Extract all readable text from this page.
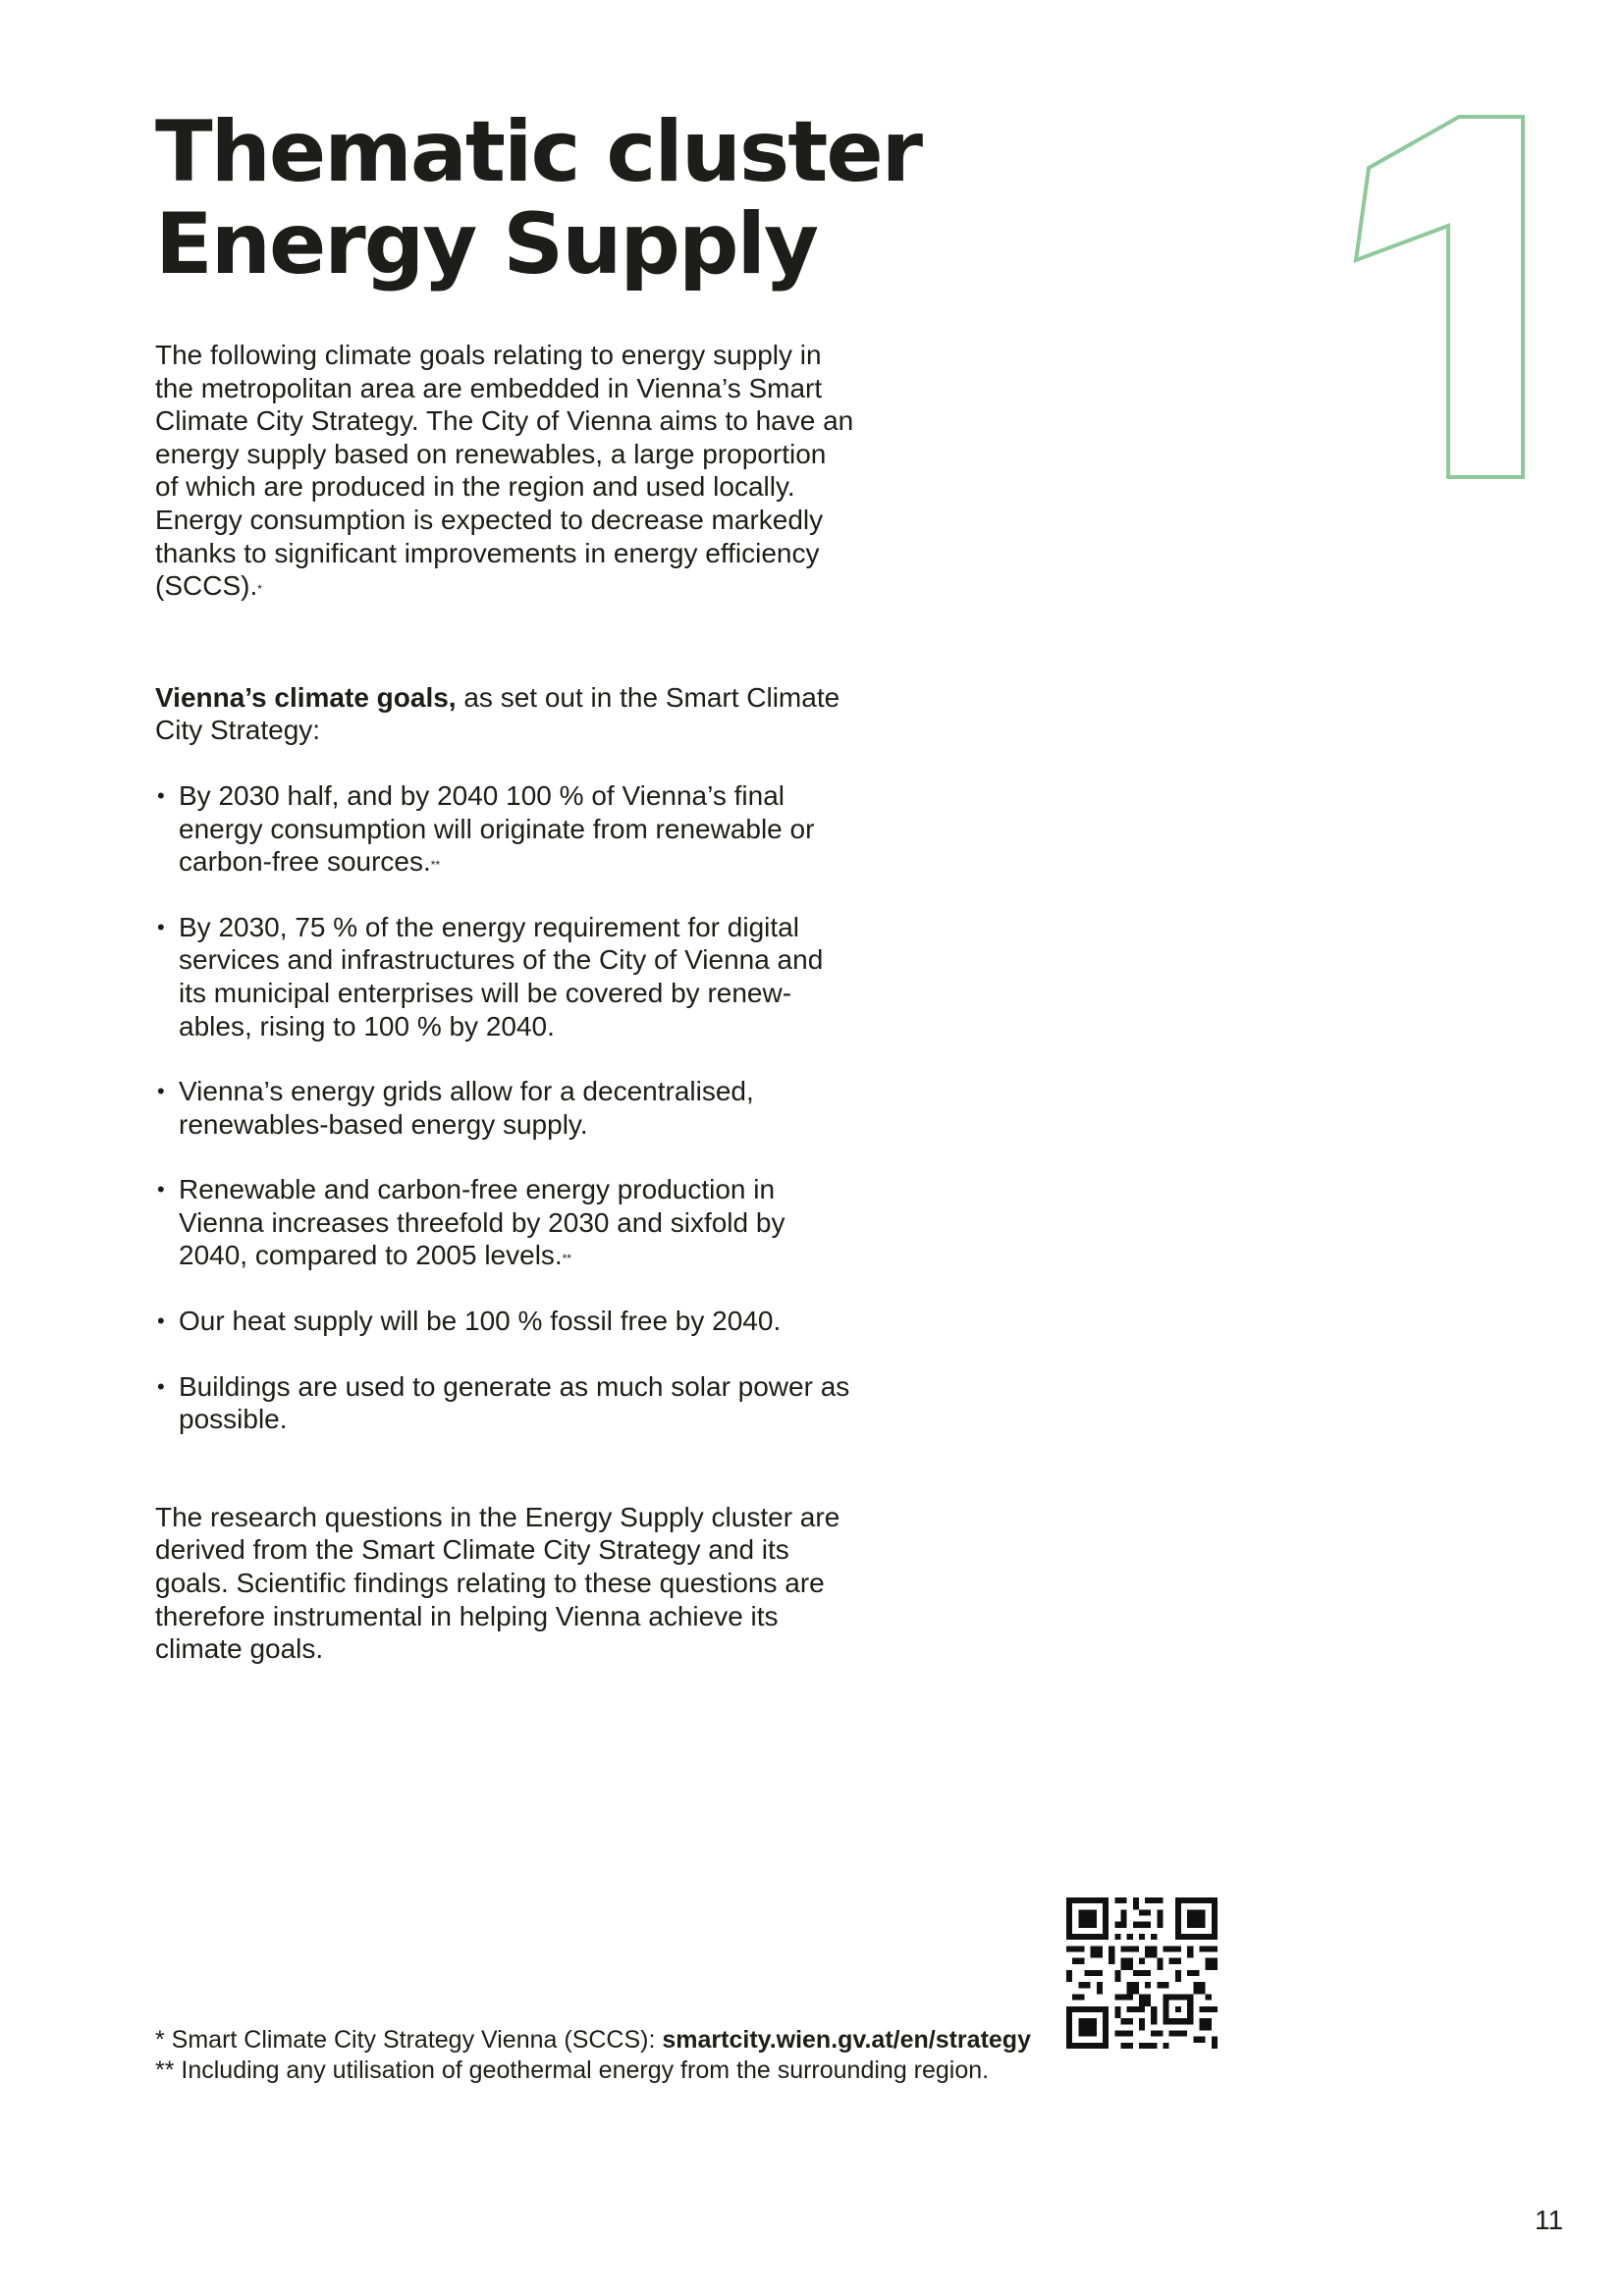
Thematic cluster
Energy Supply

The following climate goals relating to energy supply in the metropolitan area are embedded in Vienna’s Smart Climate City Strategy. The City of Vienna aims to have an energy supply based on renewables, a large proportion of which are produced in the region and used locally. Energy consumption is expected to decrease markedly thanks to significant improvements in energy efficiency (SCCS).*

Vienna’s climate goals, as set out in the Smart Climate City Strategy:

• By 2030 half, and by 2040 100 % of Vienna’s final energy consumption will originate from renewable or carbon-free sources.**
• By 2030, 75 % of the energy requirement for digital services and infrastructures of the City of Vienna and its municipal enterprises will be covered by renewables, rising to 100 % by 2040.
• Vienna’s energy grids allow for a decentralised, renewables-based energy supply.
• Renewable and carbon-free energy production in Vienna increases threefold by 2030 and sixfold by 2040, compared to 2005 levels.**
• Our heat supply will be 100 % fossil free by 2040.
• Buildings are used to generate as much solar power as possible.

The research questions in the Energy Supply cluster are derived from the Smart Climate City Strategy and its goals. Scientific findings relating to these questions are therefore instrumental in helping Vienna achieve its climate goals.

* Smart Climate City Strategy Vienna (SCCS): smartcity.wien.gv.at/en/strategy

** Including any utilisation of geothermal energy from the surrounding region.

11
